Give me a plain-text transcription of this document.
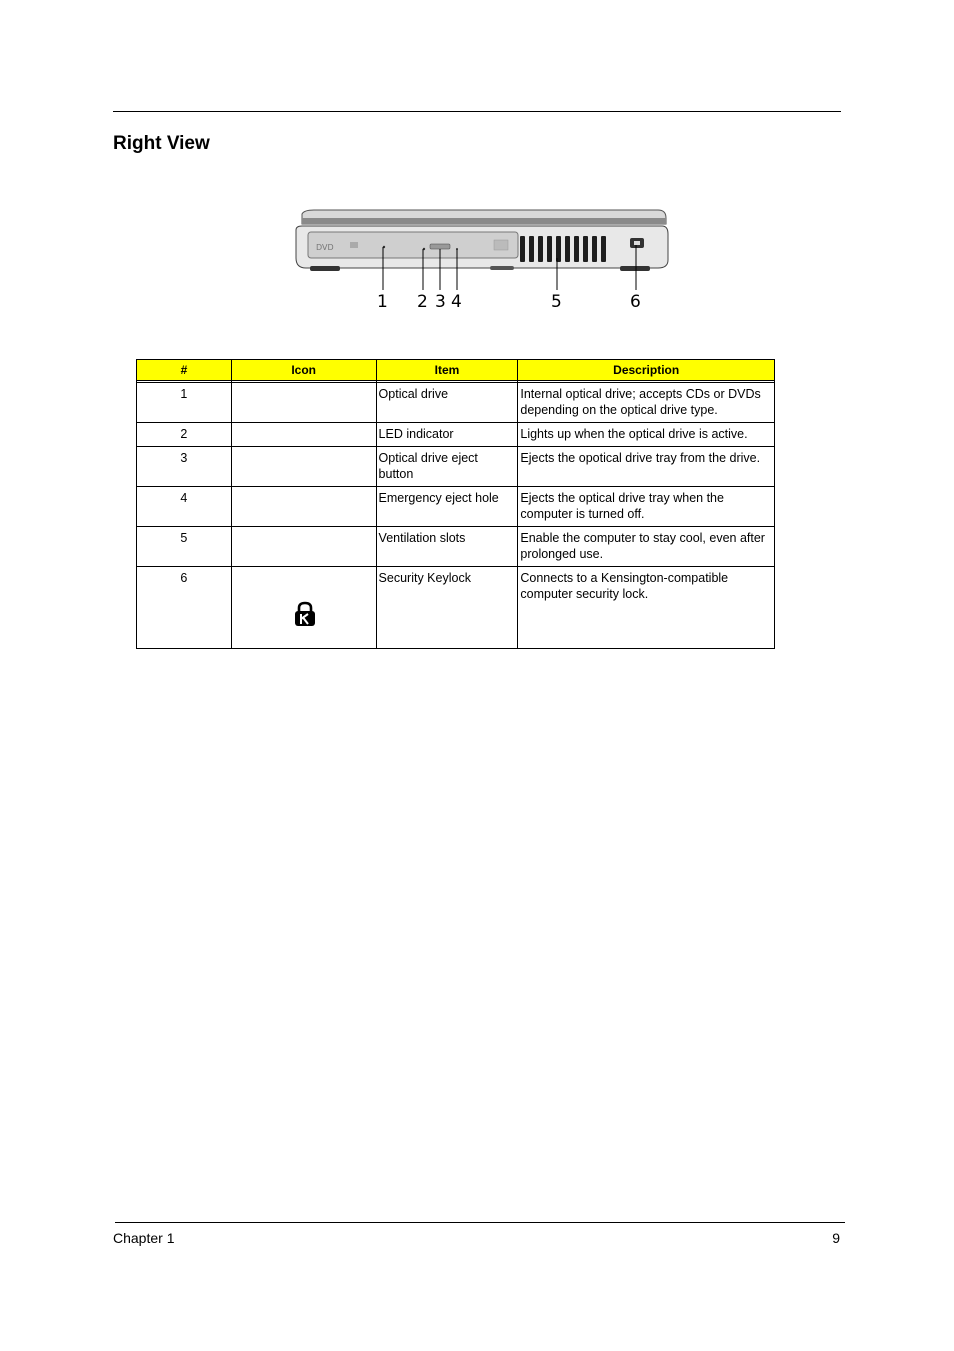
Right View
DVD
1 2 3 4	5	6
#	Icon	Item	Description

1		Optical drive	Internal optical drive; accepts CDs or DVDs depending on the optical drive type.
2		LED indicator	Lights up when the optical drive is active.
3		Optical drive eject button	Ejects the opotical drive tray from the drive.
4		Emergency eject hole	Ejects the optical drive tray when the computer is turned off.
5		Ventilation slots	Enable the computer to stay cool, even after prolonged use.
6		Security Keylock	Connects to a Kensington-compatible computer security lock.
Chapter 1	9
